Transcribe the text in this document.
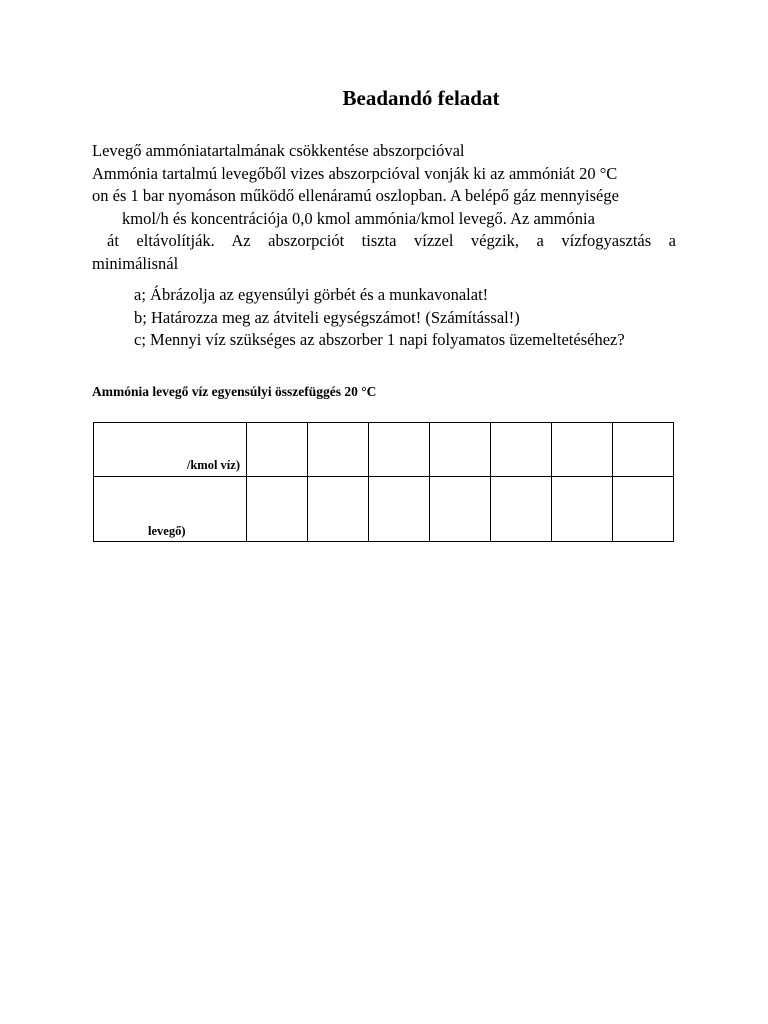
Beadandó feladat
Levegő ammóniatartalmának csökkentése abszorpcióval
Ammónia tartalmú levegőből vizes abszorpcióval vonják ki az ammóniát 20 °C
on és 1 bar nyomáson működő ellenáramú oszlopban. A belépő gáz mennyisége
kmol/h és koncentrációja 0,0 kmol ammónia/kmol levegő. Az ammónia
át eltávolítják. Az abszorpciót tiszta vízzel végzik, a vízfogyasztás a
minimálisnál
a; Ábrázolja az egyensúlyi görbét és a munkavonalat!
b; Határozza meg az átviteli egységszámot! (Számítással!)
c; Mennyi víz szükséges az abszorber 1 napi folyamatos üzemeltetéséhez?
Ammónia levegő víz egyensúlyi összefüggés 20 °C
/kmol víz)							

levegő)							
